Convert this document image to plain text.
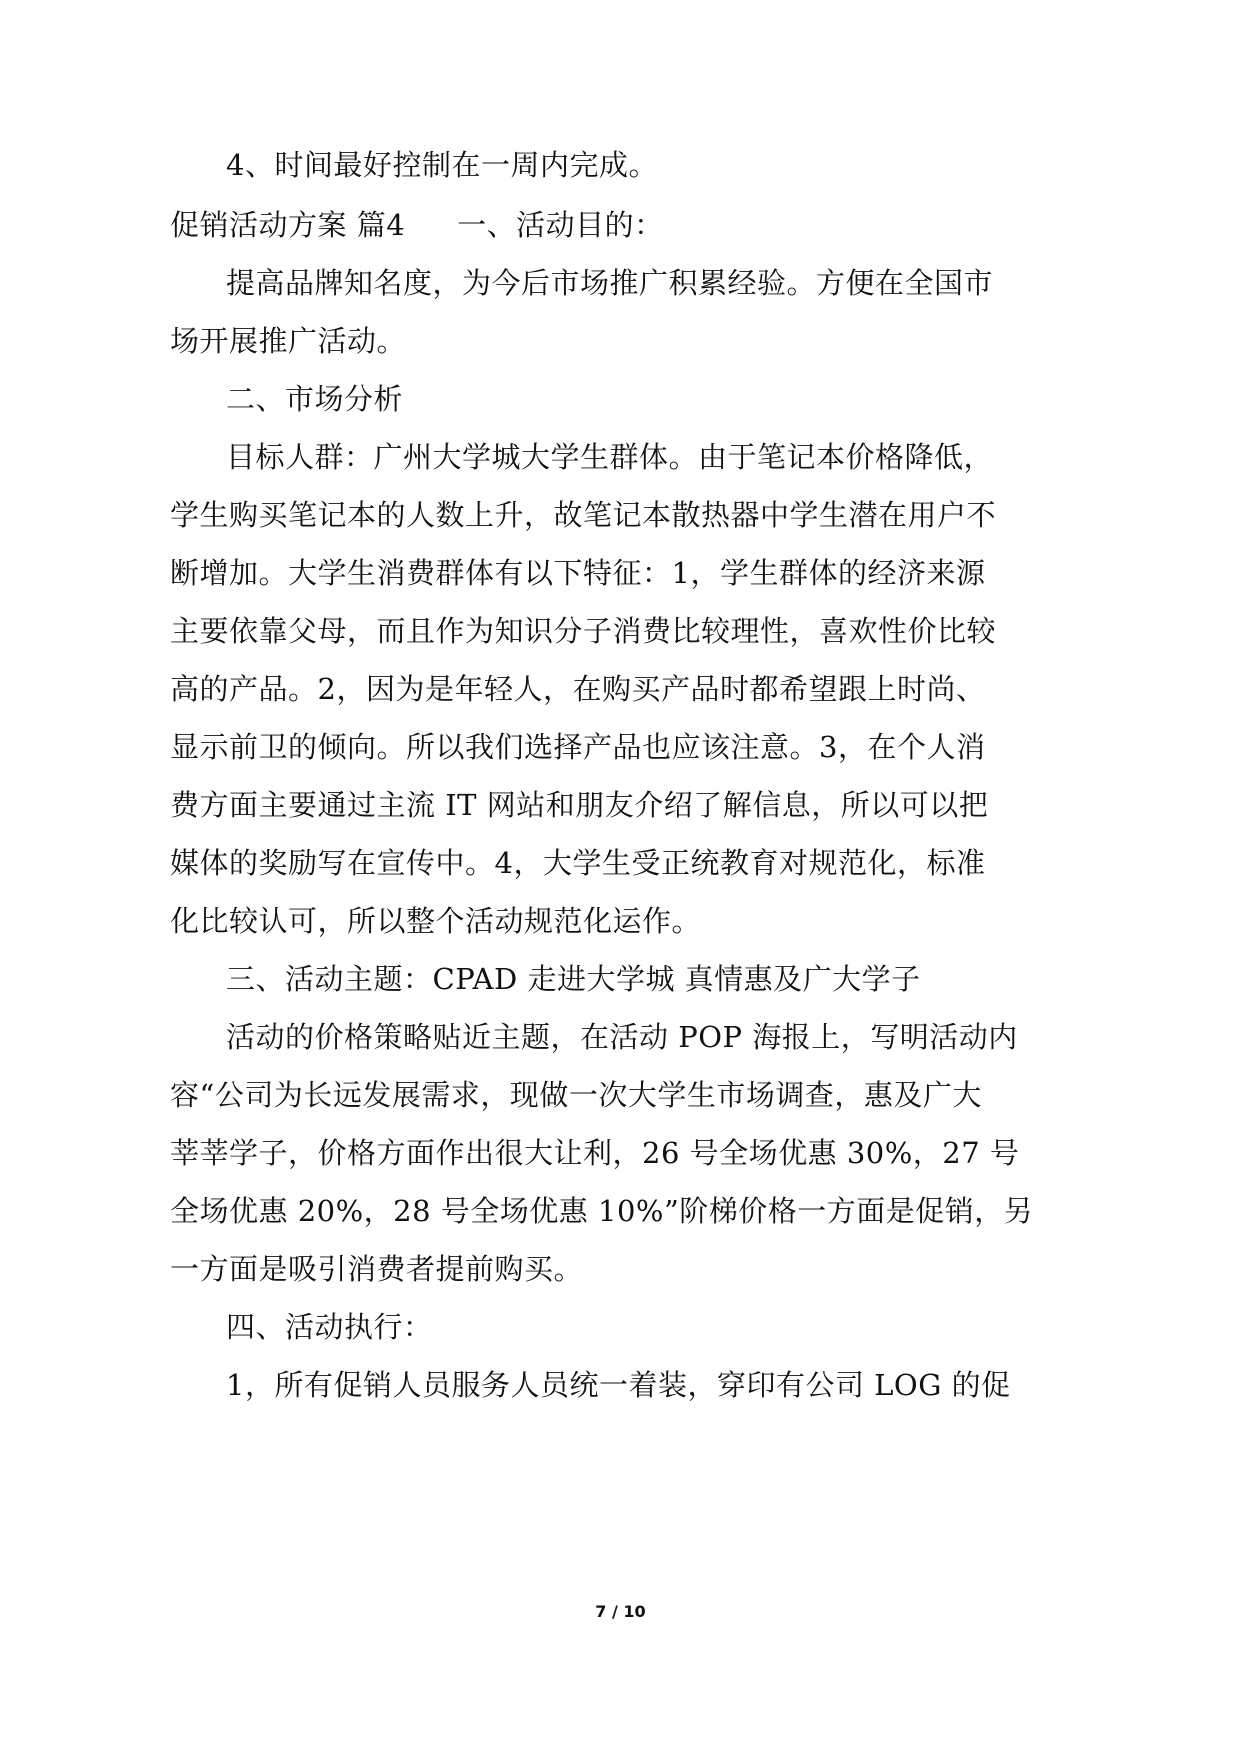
4、时间最好控制在一周内完成。
促销活动方案 篇4 一、活动目的：
提高品牌知名度，为今后市场推广积累经验。方便在全国市
场开展推广活动。
二、市场分析
目标人群：广州大学城大学生群体。由于笔记本价格降低，
学生购买笔记本的人数上升，故笔记本散热器中学生潜在用户不
断增加。大学生消费群体有以下特征：1，学生群体的经济来源
主要依靠父母，而且作为知识分子消费比较理性，喜欢性价比较
高的产品。2，因为是年轻人，在购买产品时都希望跟上时尚、
显示前卫的倾向。所以我们选择产品也应该注意。3，在个人消
费方面主要通过主流 IT 网站和朋友介绍了解信息，所以可以把
媒体的奖励写在宣传中。4，大学生受正统教育对规范化，标准
化比较认可，所以整个活动规范化运作。
三、活动主题：CPAD 走进大学城 真情惠及广大学子
活动的价格策略贴近主题，在活动 POP 海报上，写明活动内
容“公司为长远发展需求，现做一次大学生市场调查，惠及广大
莘莘学子，价格方面作出很大让利，26 号全场优惠 30%，27 号
全场优惠 20%，28 号全场优惠 10%”阶梯价格一方面是促销，另
一方面是吸引消费者提前购买。
四、活动执行：
1，所有促销人员服务人员统一着装，穿印有公司 LOG 的促
7 / 10
